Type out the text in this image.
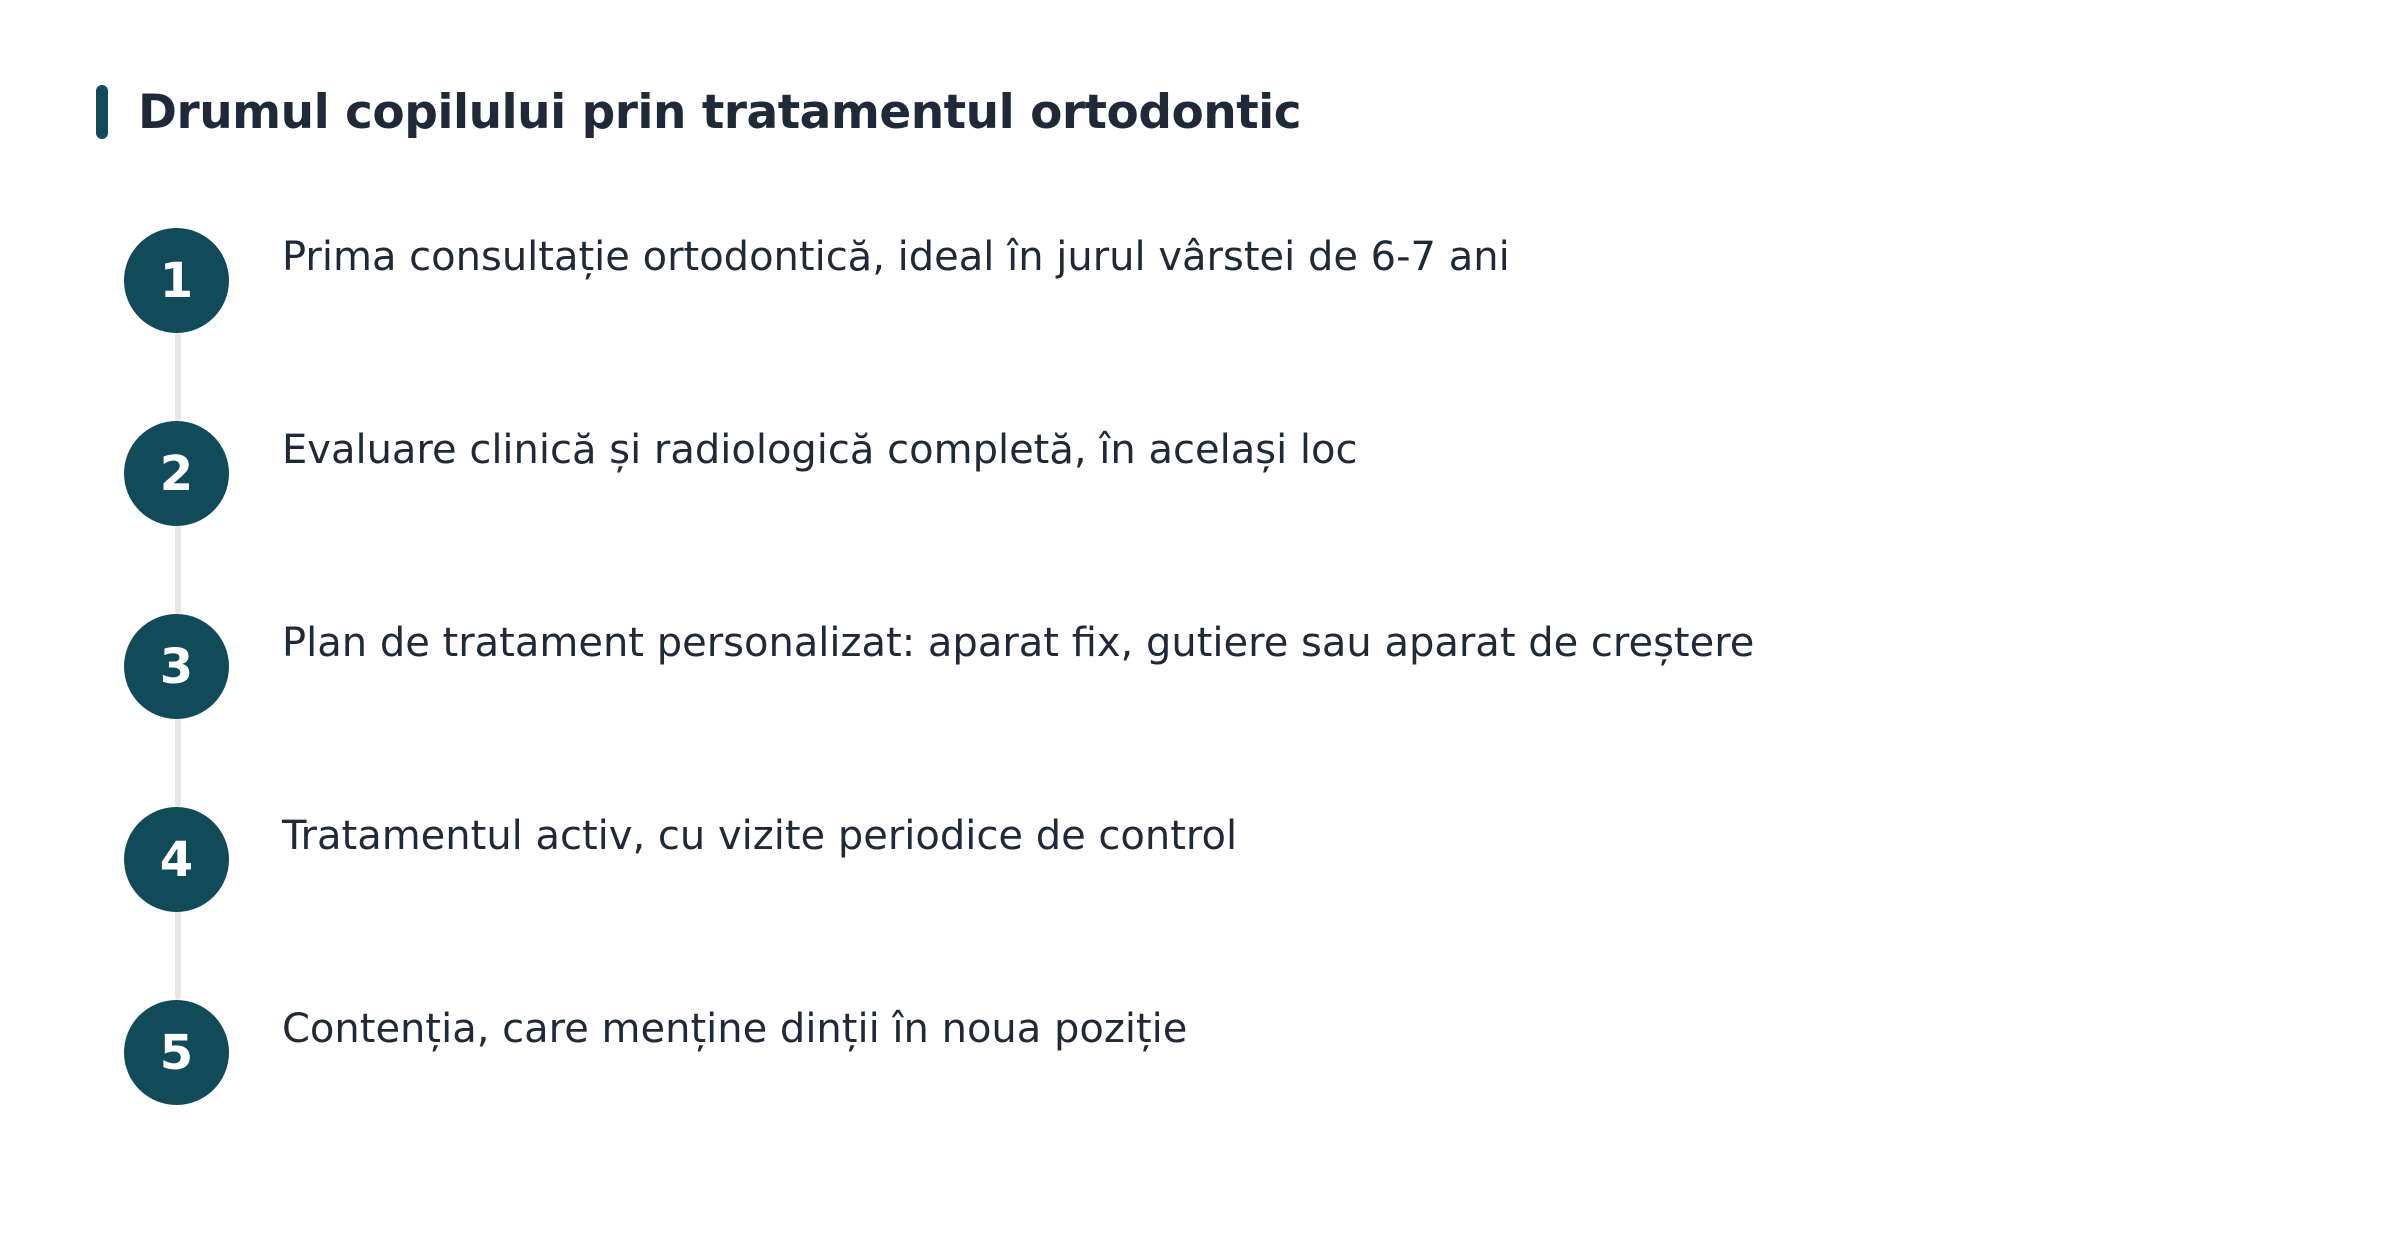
Drumul copilului prin tratamentul ortodontic
1	Prima consultație ortodontică, ideal în jurul vârstei de 6-7 ani
2	Evaluare clinică și radiologică completă, în același loc
3	Plan de tratament personalizat: aparat fix, gutiere sau aparat de creștere
4	Tratamentul activ, cu vizite periodice de control
5	Contenția, care menține dinții în noua poziție
